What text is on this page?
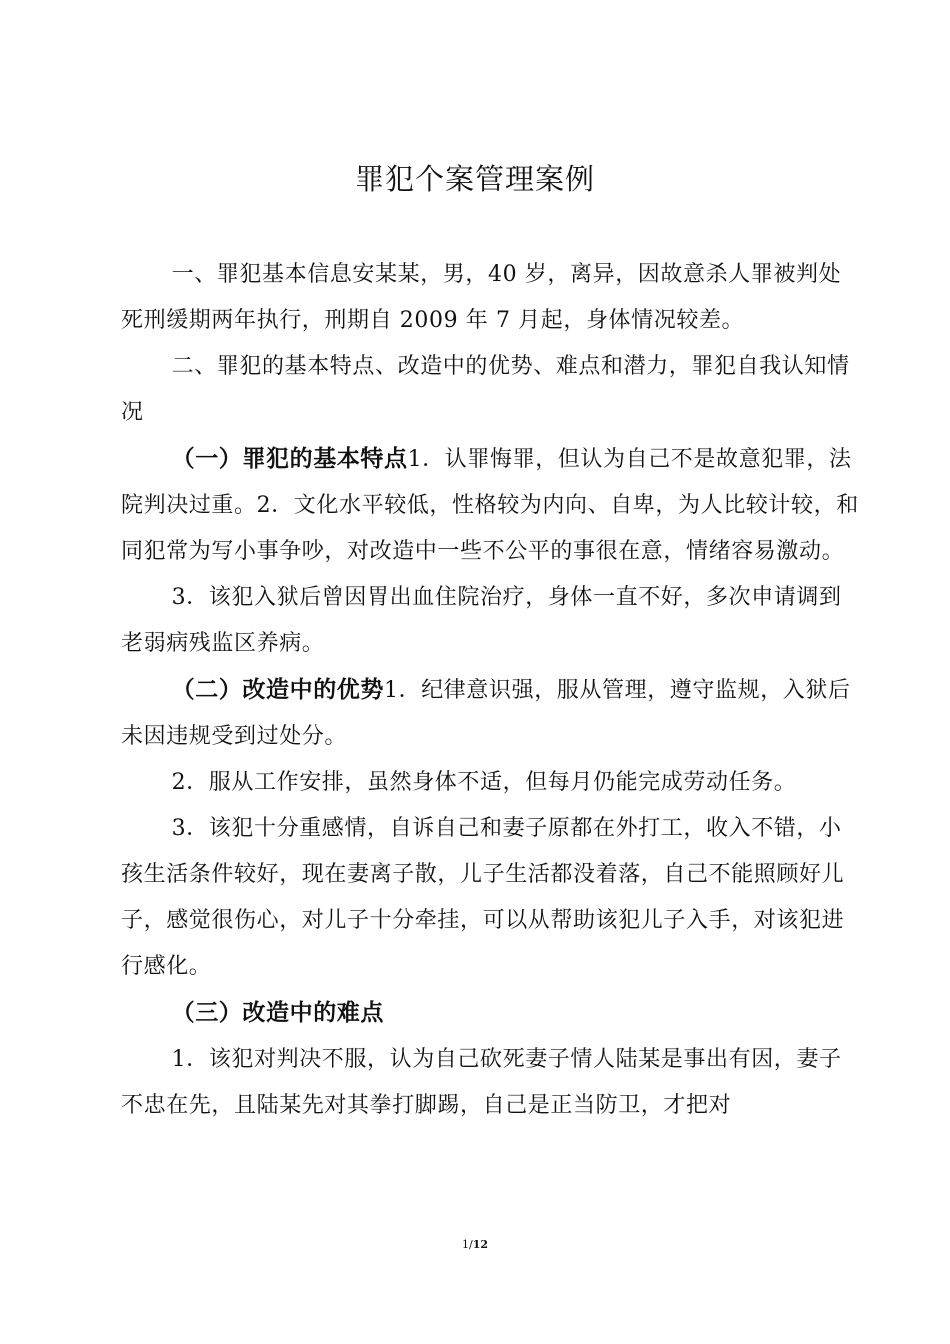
罪犯个案管理案例

一、罪犯基本信息安某某，男，40 岁，离异，因故意杀人罪被判处死刑缓期两年执行，刑期自 2009 年 7 月起，身体情况较差。

二、罪犯的基本特点、改造中的优势、难点和潜力，罪犯自我认知情况

（一）罪犯的基本特点1．认罪悔罪，但认为自己不是故意犯罪，法院判决过重。2．文化水平较低，性格较为内向、自卑，为人比较计较，和同犯常为写小事争吵，对改造中一些不公平的事很在意，情绪容易激动。

3．该犯入狱后曾因胃出血住院治疗，身体一直不好，多次申请调到老弱病残监区养病。

（二）改造中的优势1．纪律意识强，服从管理，遵守监规，入狱后未因违规受到过处分。

2．服从工作安排，虽然身体不适，但每月仍能完成劳动任务。

3．该犯十分重感情，自诉自己和妻子原都在外打工，收入不错，小孩生活条件较好，现在妻离子散，儿子生活都没着落，自己不能照顾好儿子，感觉很伤心，对儿子十分牵挂，可以从帮助该犯儿子入手，对该犯进行感化。

（三）改造中的难点

1．该犯对判决不服，认为自己砍死妻子情人陆某是事出有因，妻子不忠在先，且陆某先对其拳打脚踢，自己是正当防卫，才把对

1/12
